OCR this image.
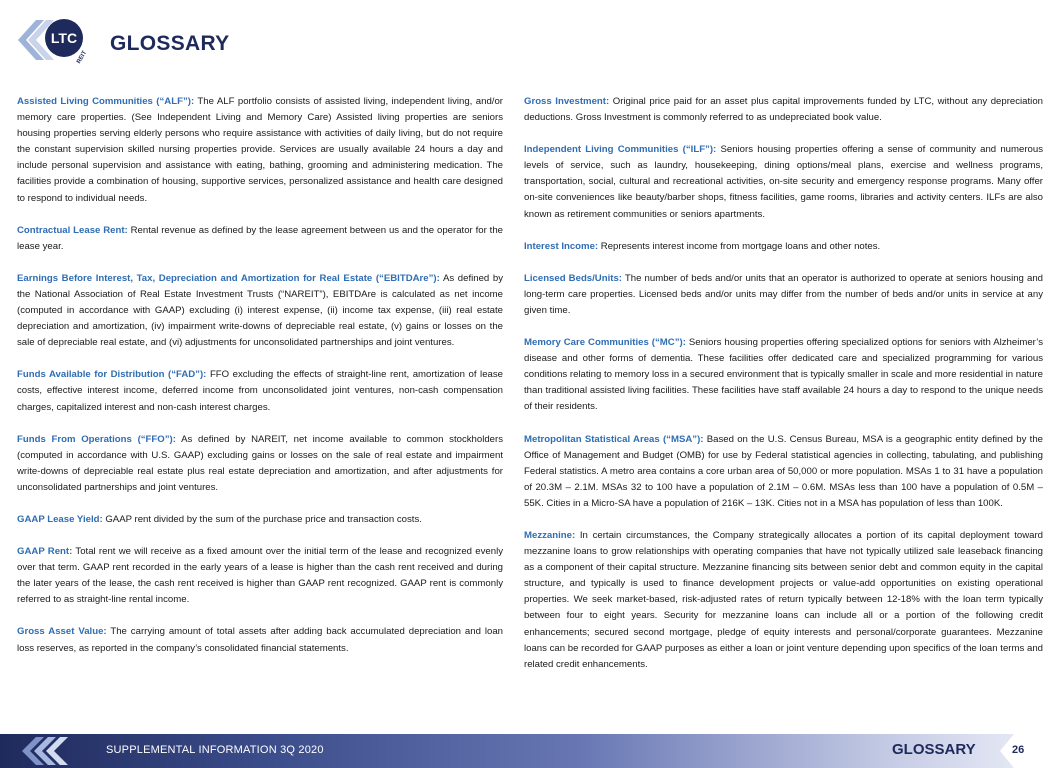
LTC
REIT
GLOSSARY

Assisted Living Communities (“ALF”): The ALF portfolio consists of assisted living, independent living, and/or memory care properties. (See Independent Living and Memory Care) Assisted living properties are seniors housing properties serving elderly persons who require assistance with activities of daily living, but do not require the constant supervision skilled nursing properties provide. Services are usually available 24 hours a day and include personal supervision and assistance with eating, bathing, grooming and administering medication. The facilities provide a combination of housing, supportive services, personalized assistance and health care designed to respond to individual needs.

Contractual Lease Rent: Rental revenue as defined by the lease agreement between us and the operator for the lease year.

Earnings Before Interest, Tax, Depreciation and Amortization for Real Estate (“EBITDAre”): As defined by the National Association of Real Estate Investment Trusts (“NAREIT”), EBITDAre is calculated as net income (computed in accordance with GAAP) excluding (i) interest expense, (ii) income tax expense, (iii) real estate depreciation and amortization, (iv) impairment write-downs of depreciable real estate, (v) gains or losses on the sale of depreciable real estate, and (vi) adjustments for unconsolidated partnerships and joint ventures.

Funds Available for Distribution (“FAD”): FFO excluding the effects of straight-line rent, amortization of lease costs, effective interest income, deferred income from unconsolidated joint ventures, non-cash compensation charges, capitalized interest and non-cash interest charges.

Funds From Operations (“FFO”): As defined by NAREIT, net income available to common stockholders (computed in accordance with U.S. GAAP) excluding gains or losses on the sale of real estate and impairment write-downs of depreciable real estate plus real estate depreciation and amortization, and after adjustments for unconsolidated partnerships and joint ventures.

GAAP Lease Yield: GAAP rent divided by the sum of the purchase price and transaction costs.

GAAP Rent: Total rent we will receive as a fixed amount over the initial term of the lease and recognized evenly over that term. GAAP rent recorded in the early years of a lease is higher than the cash rent received and during the later years of the lease, the cash rent received is higher than GAAP rent recognized. GAAP rent is commonly referred to as straight-line rental income.

Gross Asset Value: The carrying amount of total assets after adding back accumulated depreciation and loan loss reserves, as reported in the company’s consolidated financial statements.

Gross Investment: Original price paid for an asset plus capital improvements funded by LTC, without any depreciation deductions. Gross Investment is commonly referred to as undepreciated book value.

Independent Living Communities (“ILF”): Seniors housing properties offering a sense of community and numerous levels of service, such as laundry, housekeeping, dining options/meal plans, exercise and wellness programs, transportation, social, cultural and recreational activities, on-site security and emergency response programs. Many offer on-site conveniences like beauty/barber shops, fitness facilities, game rooms, libraries and activity centers. ILFs are also known as retirement communities or seniors apartments.

Interest Income: Represents interest income from mortgage loans and other notes.

Licensed Beds/Units: The number of beds and/or units that an operator is authorized to operate at seniors housing and long-term care properties. Licensed beds and/or units may differ from the number of beds and/or units in service at any given time.

Memory Care Communities (“MC”): Seniors housing properties offering specialized options for seniors with Alzheimer’s disease and other forms of dementia. These facilities offer dedicated care and specialized programming for various conditions relating to memory loss in a secured environment that is typically smaller in scale and more residential in nature than traditional assisted living facilities. These facilities have staff available 24 hours a day to respond to the unique needs of their residents.

Metropolitan Statistical Areas (“MSA”): Based on the U.S. Census Bureau, MSA is a geographic entity defined by the Office of Management and Budget (OMB) for use by Federal statistical agencies in collecting, tabulating, and publishing Federal statistics. A metro area contains a core urban area of 50,000 or more population. MSAs 1 to 31 have a population of 20.3M – 2.1M. MSAs 32 to 100 have a population of 2.1M – 0.6M. MSAs less than 100 have a population of 0.5M – 55K. Cities in a Micro-SA have a population of 216K – 13K. Cities not in a MSA has population of less than 100K.

Mezzanine: In certain circumstances, the Company strategically allocates a portion of its capital deployment toward mezzanine loans to grow relationships with operating companies that have not typically utilized sale leaseback financing as a component of their capital structure. Mezzanine financing sits between senior debt and common equity in the capital structure, and typically is used to finance development projects or value-add opportunities on existing operational properties. We seek market-based, risk-adjusted rates of return typically between 12-18% with the loan term typically between four to eight years. Security for mezzanine loans can include all or a portion of the following credit enhancements; secured second mortgage, pledge of equity interests and personal/corporate guarantees. Mezzanine loans can be recorded for GAAP purposes as either a loan or joint venture depending upon specifics of the loan terms and related credit enhancements.

SUPPLEMENTAL INFORMATION 3Q 2020	GLOSSARY	26
